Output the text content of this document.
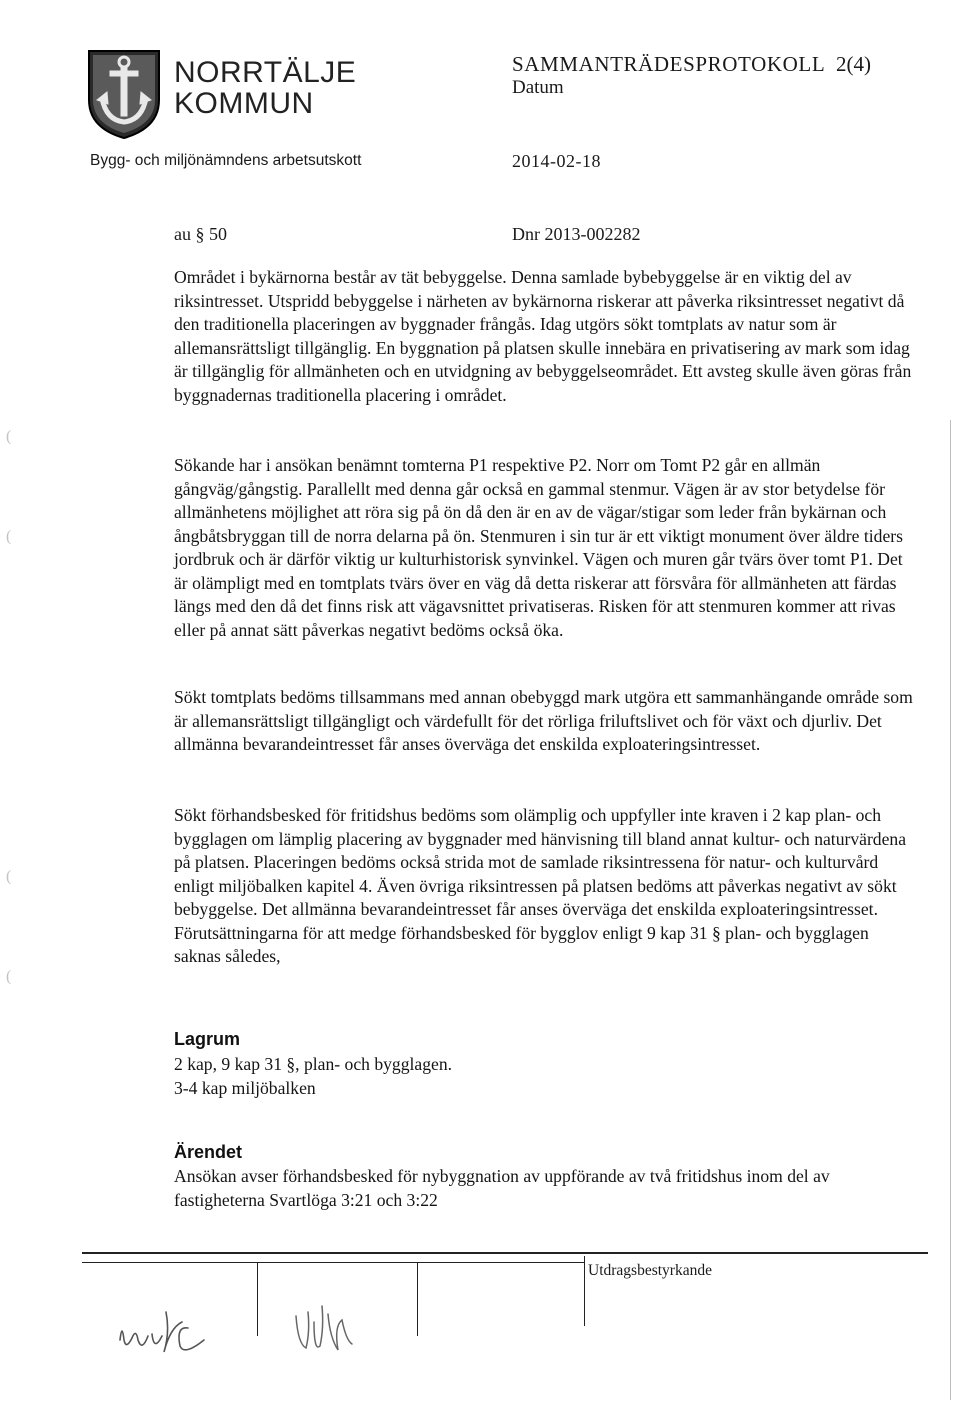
NORRTÄLJE
KOMMUN
SAMMANTRÄDESPROTOKOLL 2(4)
Datum
Bygg- och miljönämndens arbetsutskott	2014-02-18
au § 50	Dnr 2013-002282

Området i bykärnorna består av tät bebyggelse. Denna samlade bybebyggelse är en viktig del av riksintresset. Utspridd bebyggelse i närheten av bykärnorna riskerar att påverka riksintresset negativt då den traditionella placeringen av byggnader frångås. Idag utgörs sökt tomtplats av natur som är allemansrättsligt tillgänglig. En byggnation på platsen skulle innebära en privatisering av mark som idag är tillgänglig för allmänheten och en utvidgning av bebyggelseområdet. Ett avsteg skulle även göras från byggnadernas traditionella placering i området.

Sökande har i ansökan benämnt tomterna P1 respektive P2. Norr om Tomt P2 går en allmän gångväg/gångstig. Parallellt med denna går också en gammal stenmur. Vägen är av stor betydelse för allmänhetens möjlighet att röra sig på ön då den är en av de vägar/stigar som leder från bykärnan och ångbåtsbryggan till de norra delarna på ön. Stenmuren i sin tur är ett viktigt monument över äldre tiders jordbruk och är därför viktig ur kulturhistorisk synvinkel. Vägen och muren går tvärs över tomt P1. Det är olämpligt med en tomtplats tvärs över en väg då detta riskerar att försvåra för allmänheten att färdas längs med den då det finns risk att vägavsnittet privatiseras. Risken för att stenmuren kommer att rivas eller på annat sätt påverkas negativt bedöms också öka.

Sökt tomtplats bedöms tillsammans med annan obebyggd mark utgöra ett sammanhängande område som är allemansrättsligt tillgängligt och värdefullt för det rörliga friluftslivet och för växt och djurliv. Det allmänna bevarandeintresset får anses överväga det enskilda exploateringsintresset.

Sökt förhandsbesked för fritidshus bedöms som olämplig och uppfyller inte kraven i 2 kap plan- och bygglagen om lämplig placering av byggnader med hänvisning till bland annat kultur- och naturvärdena på platsen. Placeringen bedöms också strida mot de samlade riksintressena för natur- och kulturvård enligt miljöbalken kapitel 4. Även övriga riksintressen på platsen bedöms att påverkas negativt av sökt bebyggelse. Det allmänna bevarandeintresset får anses överväga det enskilda exploateringsintresset. Förutsättningarna för att medge förhandsbesked för bygglov enligt 9 kap 31 § plan- och bygglagen saknas således,

Lagrum

2 kap, 9 kap 31 §, plan- och bygglagen.

3-4 kap miljöbalken

Ärendet

Ansökan avser förhandsbesked för nybyggnation av uppförande av två fritidshus inom del av fastigheterna Svartlöga 3:21 och 3:22

Utdragsbestyrkande
(
(
(
(
